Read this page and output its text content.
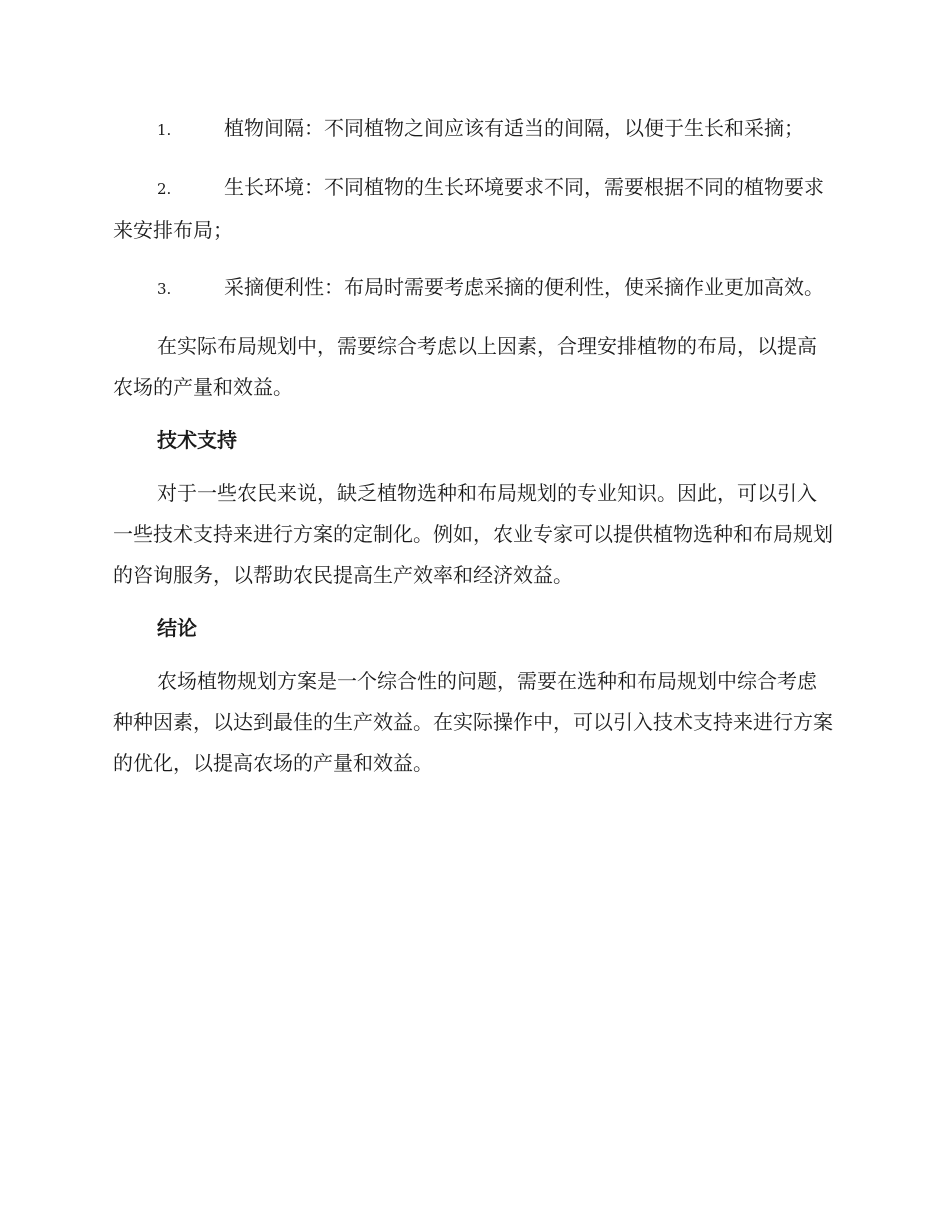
1.	植物间隔：不同植物之间应该有适当的间隔，以便于生长和采摘；

2.	生长环境：不同植物的生长环境要求不同，需要根据不同的植物要求来安排布局；

3.	采摘便利性：布局时需要考虑采摘的便利性，使采摘作业更加高效。

在实际布局规划中，需要综合考虑以上因素，合理安排植物的布局，以提高农场的产量和效益。

技术支持

对于一些农民来说，缺乏植物选种和布局规划的专业知识。因此，可以引入一些技术支持来进行方案的定制化。例如，农业专家可以提供植物选种和布局规划的咨询服务，以帮助农民提高生产效率和经济效益。

结论

农场植物规划方案是一个综合性的问题，需要在选种和布局规划中综合考虑种种因素，以达到最佳的生产效益。在实际操作中，可以引入技术支持来进行方案的优化，以提高农场的产量和效益。
